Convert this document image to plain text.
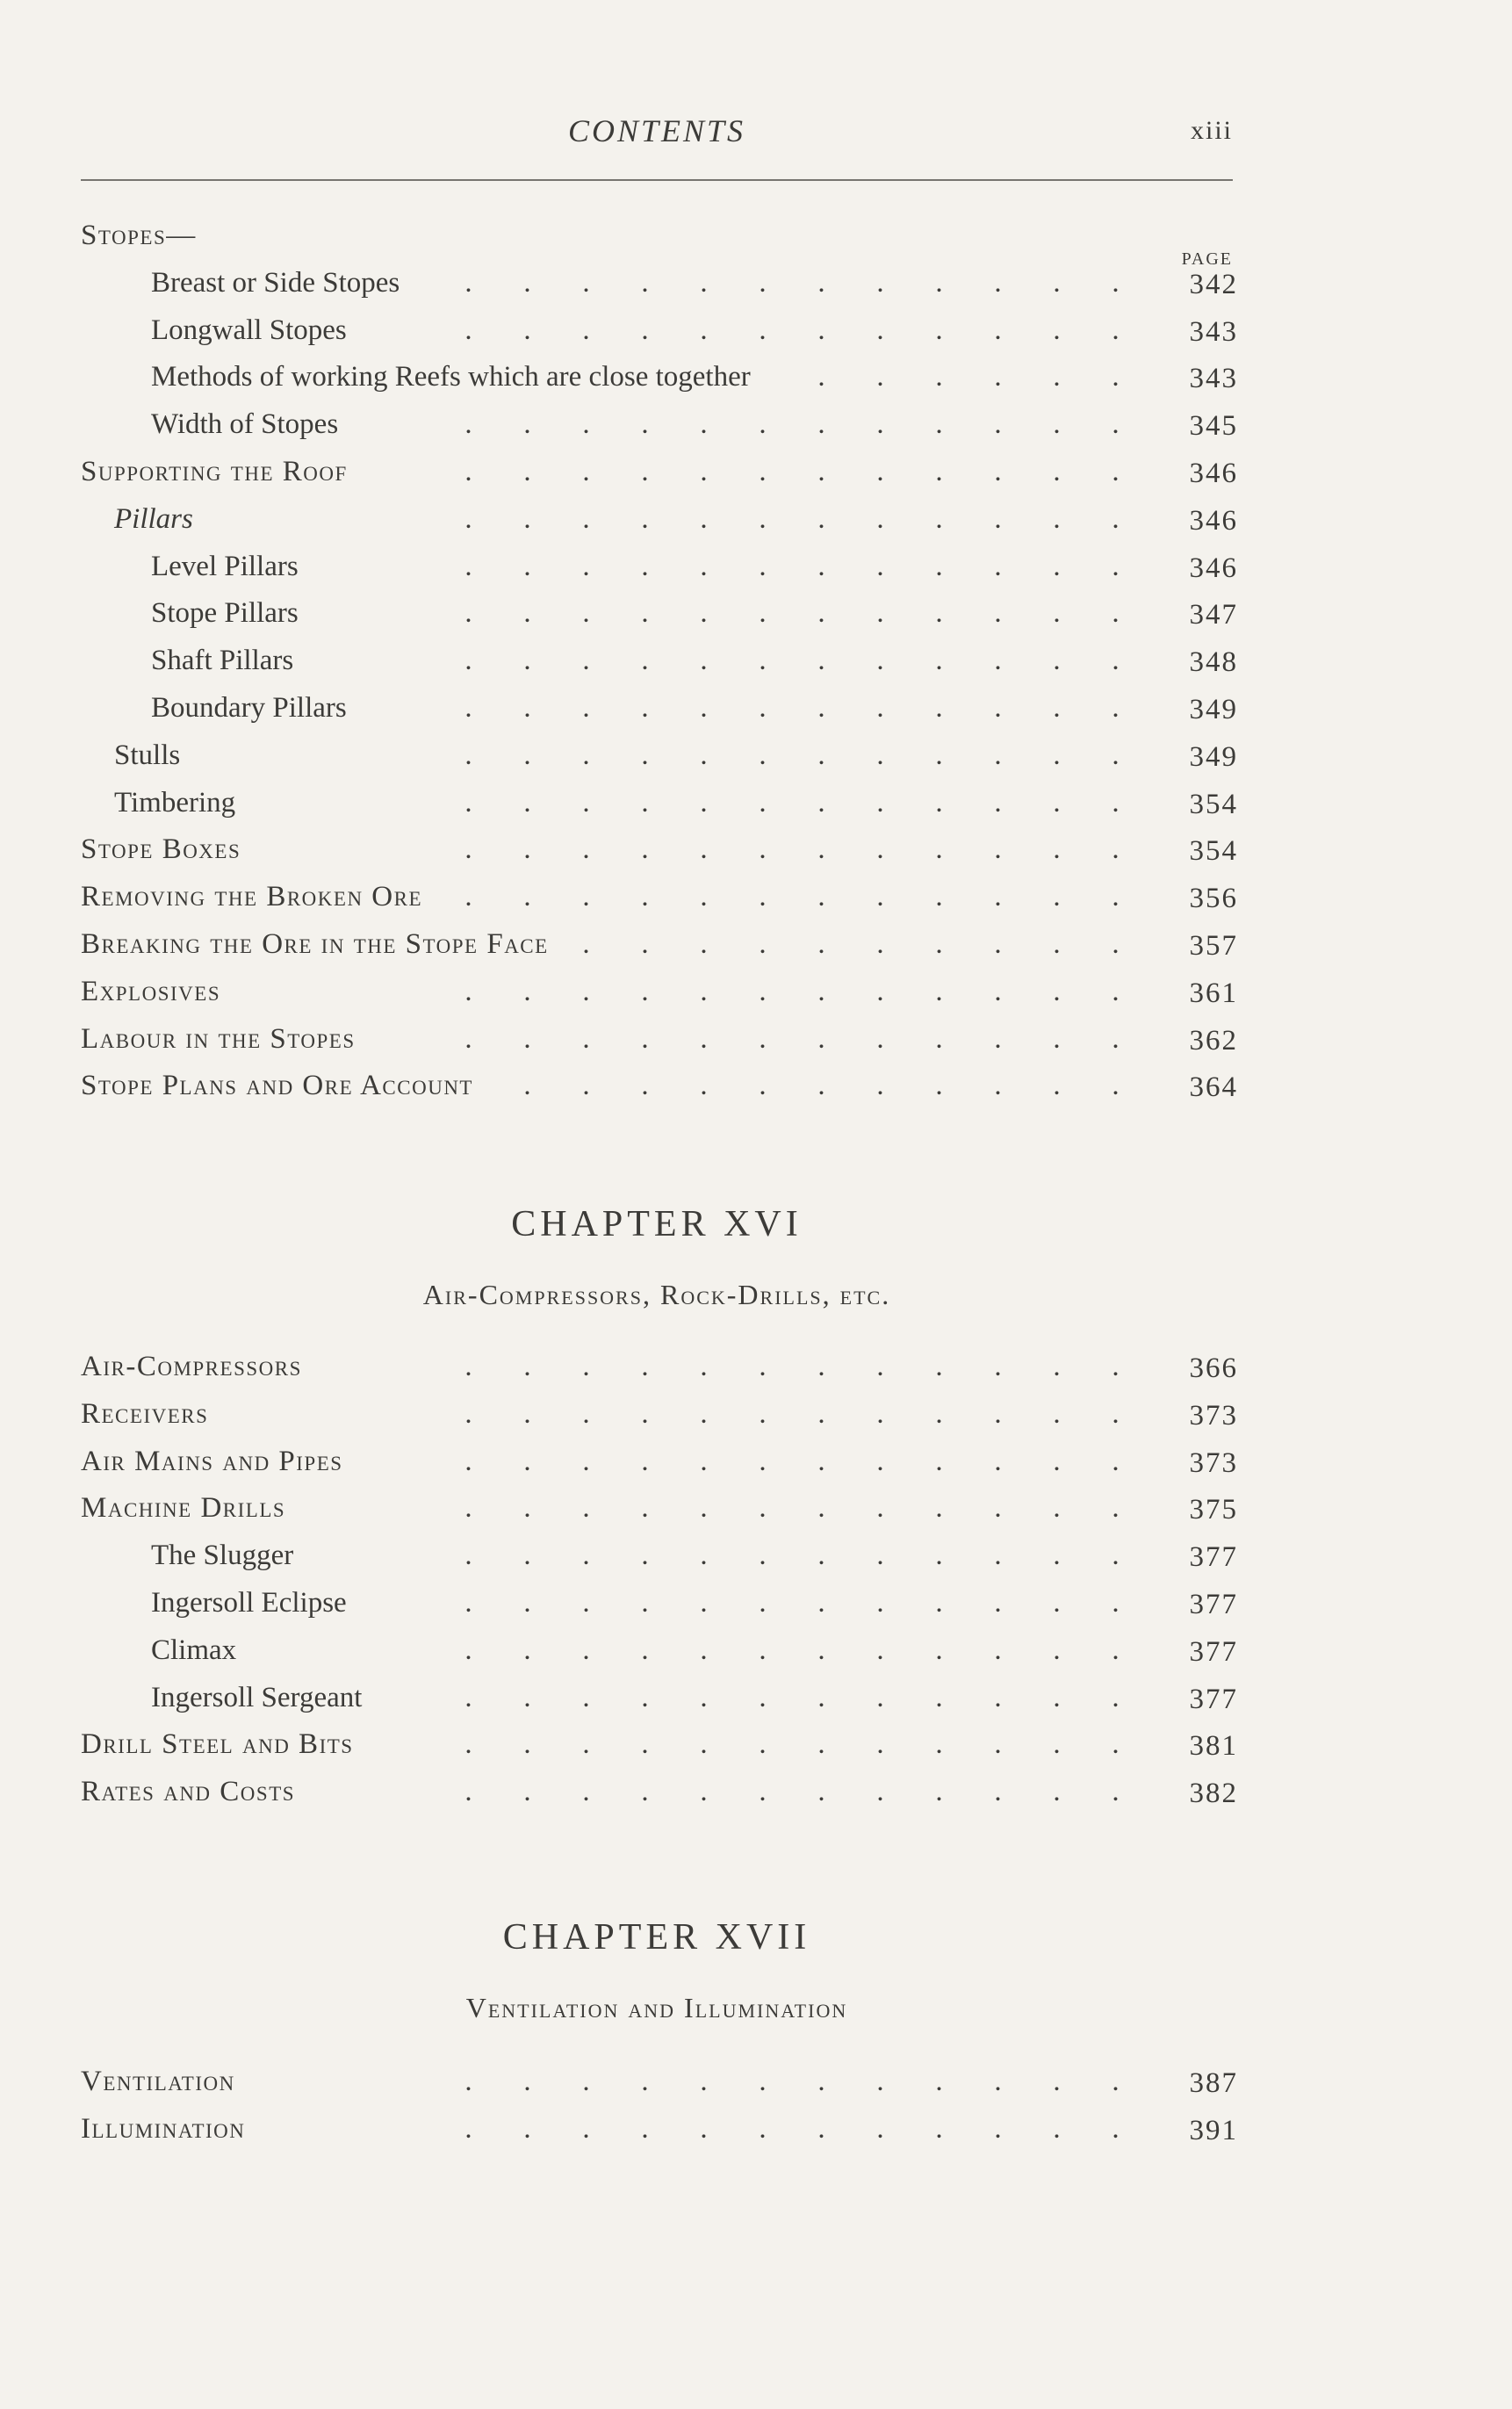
CONTENTS	xiii
PAGE
Stopes—
Breast or Side Stopes	. . . . . . . . . . . .	342
Longwall Stopes	. . . . . . . . . . . .	343
Methods of working Reefs which are close together	. . . . . .	343
Width of Stopes	. . . . . . . . . . . .	345
Supporting the Roof	. . . . . . . . . . . .	346
Pillars	. . . . . . . . . . . .	346
Level Pillars	. . . . . . . . . . . .	346
Stope Pillars	. . . . . . . . . . . .	347
Shaft Pillars	. . . . . . . . . . . .	348
Boundary Pillars	. . . . . . . . . . . .	349
Stulls	. . . . . . . . . . . .	349
Timbering	. . . . . . . . . . . .	354
Stope Boxes	. . . . . . . . . . . .	354
Removing the Broken Ore	. . . . . . . . . . . .	356
Breaking the Ore in the Stope Face	. . . . . . . . . .	357
Explosives	. . . . . . . . . . . .	361
Labour in the Stopes	. . . . . . . . . . . .	362
Stope Plans and Ore Account	. . . . . . . . . . .	364
CHAPTER XVI
Air-Compressors, Rock-Drills, etc.
Air-Compressors	. . . . . . . . . . . .	366
Receivers	. . . . . . . . . . . .	373
Air Mains and Pipes	. . . . . . . . . . . .	373
Machine Drills	. . . . . . . . . . . .	375
The Slugger	. . . . . . . . . . . .	377
Ingersoll Eclipse	. . . . . . . . . . . .	377
Climax	. . . . . . . . . . . .	377
Ingersoll Sergeant	. . . . . . . . . . . .	377
Drill Steel and Bits	. . . . . . . . . . . .	381
Rates and Costs	. . . . . . . . . . . .	382
CHAPTER XVII
Ventilation and Illumination
Ventilation	. . . . . . . . . . . .	387
Illumination	. . . . . . . . . . . .	391
